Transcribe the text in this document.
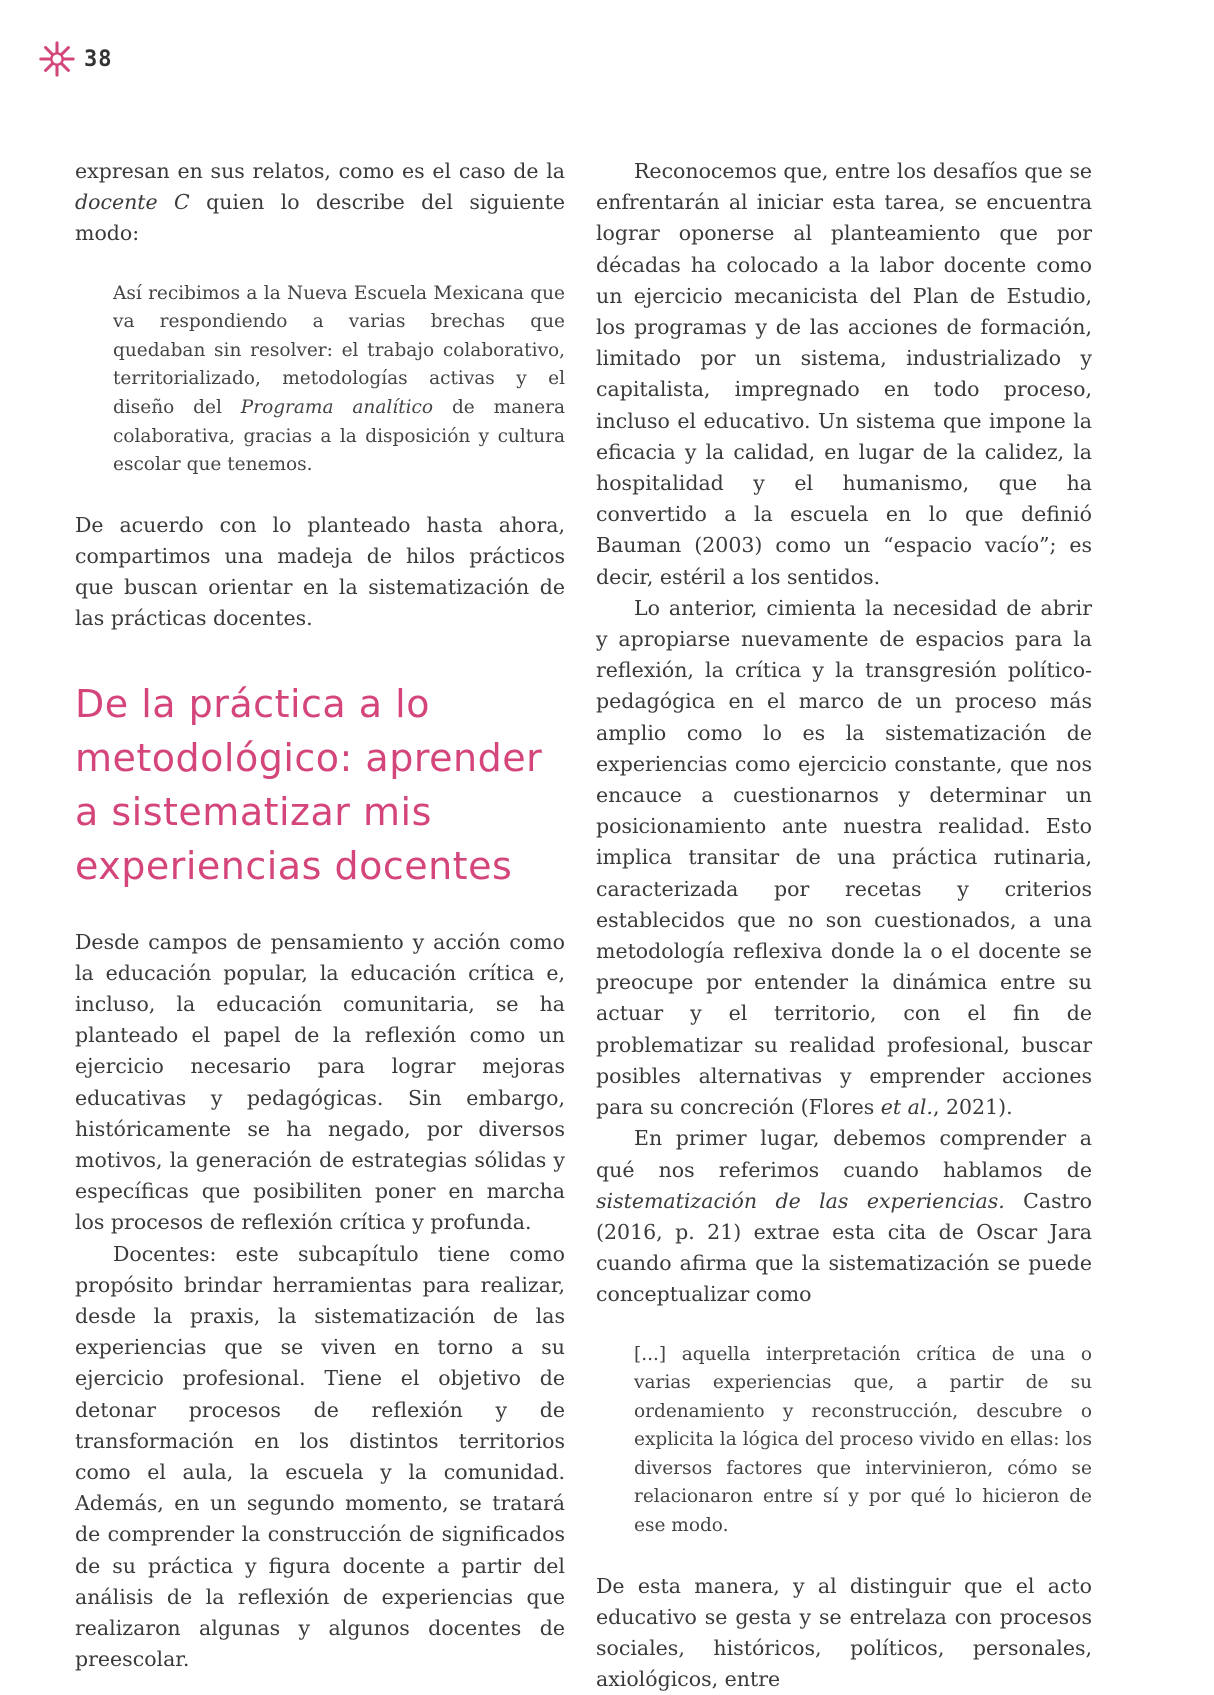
38

expresan en sus relatos, como es el caso de la docente C quien lo describe del siguiente modo:

Así recibimos a la Nueva Escuela Mexicana que va respondiendo a varias brechas que quedaban sin resolver: el trabajo colaborativo, territorializado, metodologías activas y el diseño del Programa analítico de manera colaborativa, gracias a la disposición y cultura escolar que tenemos.

De acuerdo con lo planteado hasta ahora, compartimos una madeja de hilos prácticos que buscan orientar en la sistematización de las prácticas docentes.

De la práctica a lo metodológico: aprender a sistematizar mis experiencias docentes

Desde campos de pensamiento y acción como la educación popular, la educación crítica e, incluso, la educación comunitaria, se ha planteado el papel de la reflexión como un ejercicio necesario para lograr mejoras educativas y pedagógicas. Sin embargo, históricamente se ha negado, por diversos motivos, la generación de estrategias sólidas y específicas que posibiliten poner en marcha los procesos de reflexión crítica y profunda.

Docentes: este subcapítulo tiene como propósito brindar herramientas para realizar, desde la praxis, la sistematización de las experiencias que se viven en torno a su ejercicio profesional. Tiene el objetivo de detonar procesos de reflexión y de transformación en los distintos territorios como el aula, la escuela y la comunidad. Además, en un segundo momento, se tratará de comprender la construcción de significados de su práctica y figura docente a partir del análisis de la reflexión de experiencias que realizaron algunas y algunos docentes de preescolar.

Reconocemos que, entre los desafíos que se enfrentarán al iniciar esta tarea, se encuentra lograr oponerse al planteamiento que por décadas ha colocado a la labor docente como un ejercicio mecanicista del Plan de Estudio, los programas y de las acciones de formación, limitado por un sistema, industrializado y capitalista, impregnado en todo proceso, incluso el educativo. Un sistema que impone la eficacia y la calidad, en lugar de la calidez, la hospitalidad y el humanismo, que ha convertido a la escuela en lo que definió Bauman (2003) como un “espacio vacío”; es decir, estéril a los sentidos.

Lo anterior, cimienta la necesidad de abrir y apropiarse nuevamente de espacios para la reflexión, la crítica y la transgresión político-pedagógica en el marco de un proceso más amplio como lo es la sistematización de experiencias como ejercicio constante, que nos encauce a cuestionarnos y determinar un posicionamiento ante nuestra realidad. Esto implica transitar de una práctica rutinaria, caracterizada por recetas y criterios establecidos que no son cuestionados, a una metodología reflexiva donde la o el docente se preocupe por entender la dinámica entre su actuar y el territorio, con el fin de problematizar su realidad profesional, buscar posibles alternativas y emprender acciones para su concreción (Flores et al., 2021).

En primer lugar, debemos comprender a qué nos referimos cuando hablamos de sistematización de las experiencias. Castro (2016, p. 21) extrae esta cita de Oscar Jara cuando afirma que la sistematización se puede conceptualizar como

[...] aquella interpretación crítica de una o varias experiencias que, a partir de su ordenamiento y reconstrucción, descubre o explicita la lógica del proceso vivido en ellas: los diversos factores que intervinieron, cómo se relacionaron entre sí y por qué lo hicieron de ese modo.

De esta manera, y al distinguir que el acto educativo se gesta y se entrelaza con procesos sociales, históricos, políticos, personales, axiológicos, entre
